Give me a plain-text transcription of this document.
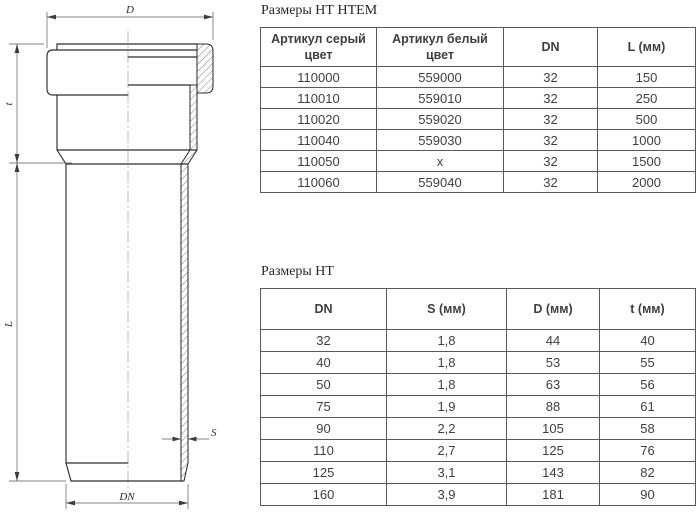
D
t
L
S
DN
Размеры НТ НТЕМ
Артикул серый цвет	Артикул белый цвет	DN	L (мм)
110000	559000	32	150
110010	559010	32	250
110020	559020	32	500
110040	559030	32	1000
110050	x	32	1500
110060	559040	32	2000
Размеры НТ
DN	S (мм)	D (мм)	t (мм)
32	1,8	44	40
40	1,8	53	55
50	1,8	63	56
75	1,9	88	61
90	2,2	105	58
110	2,7	125	76
125	3,1	143	82
160	3,9	181	90
